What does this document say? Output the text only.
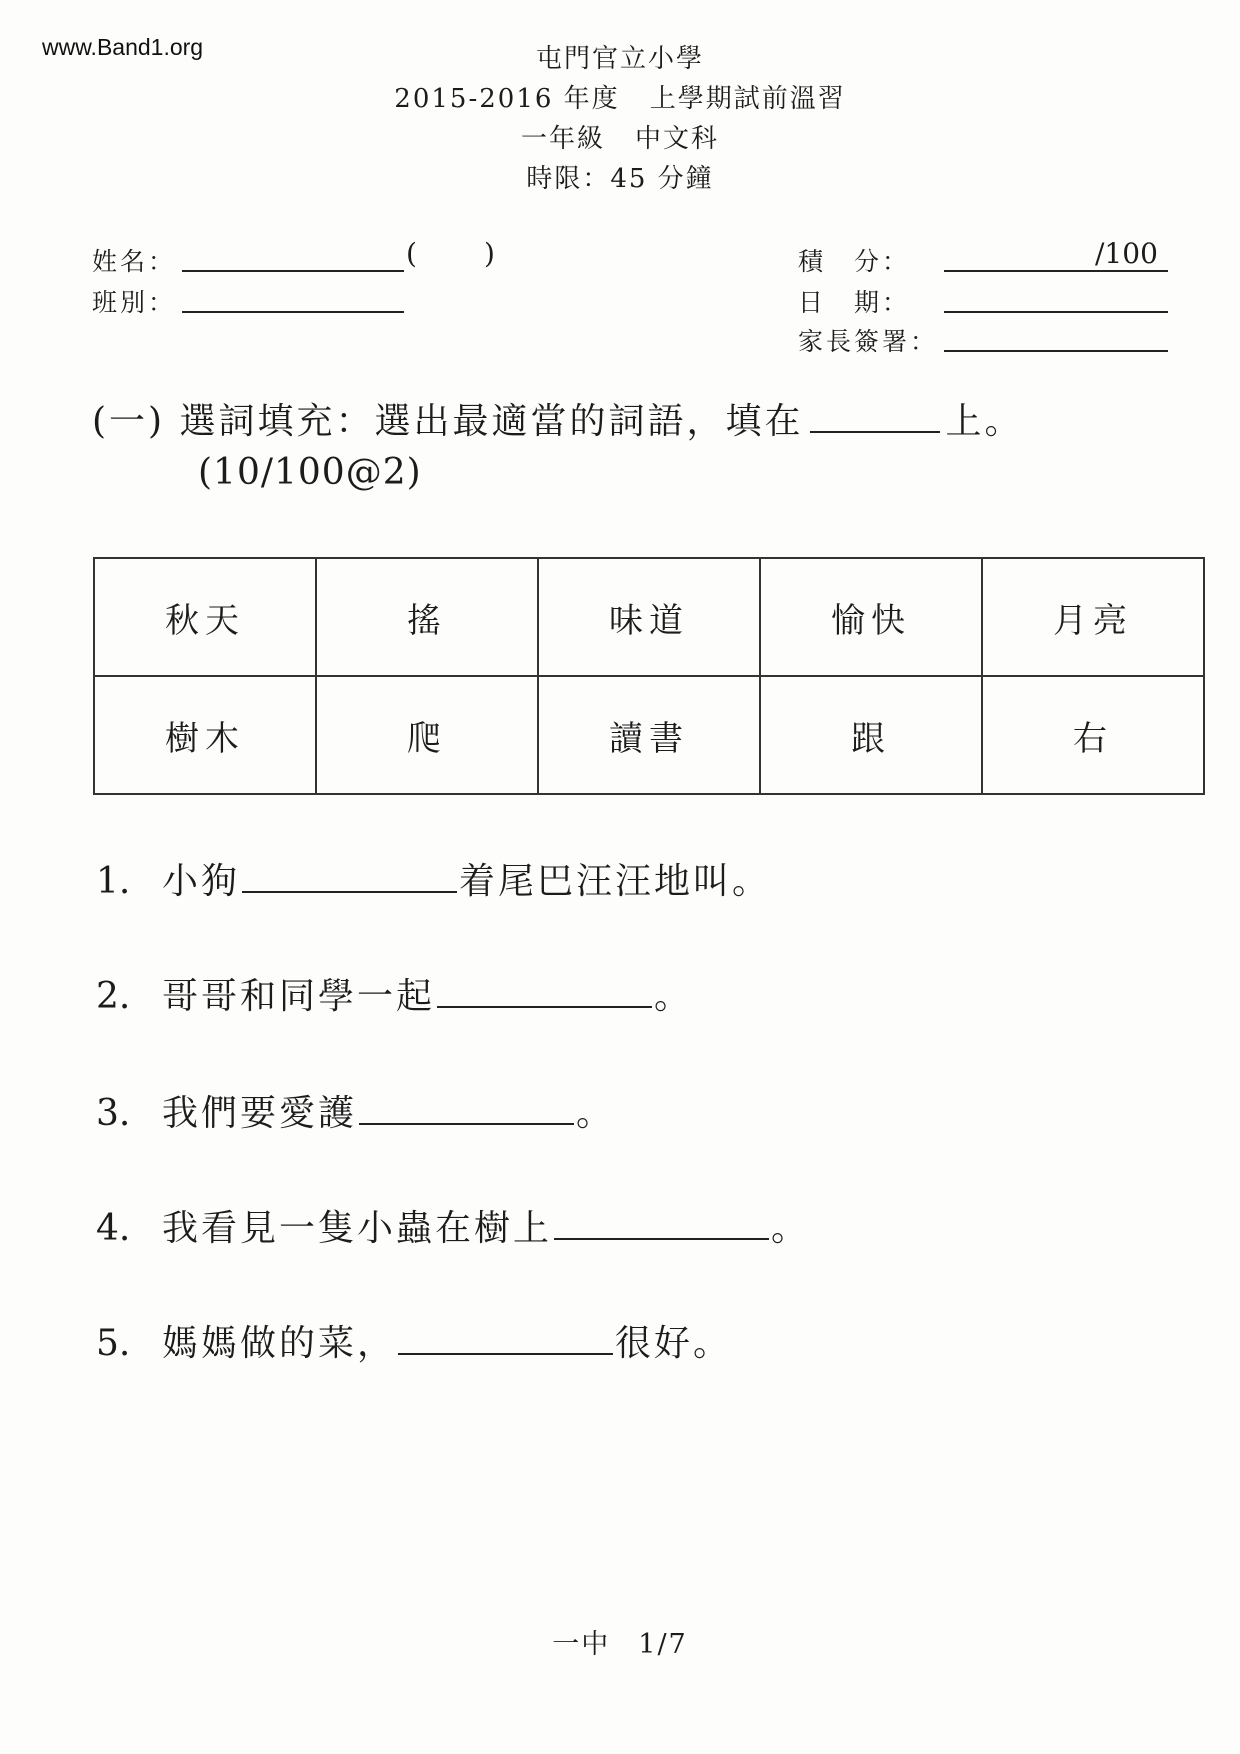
www.Band1.org	屯門官立小學
2015-2016 年度 上學期試前溫習
一年級 中文科
時限：45 分鐘
姓名：	( )
班別：
積　分：	/100
日　期：
家長簽署：
(一) 選詞填充：選出最適當的詞語，填在	上。
(10/100@2)
秋天	搖	味道	愉快	月亮
樹木	爬	讀書	跟	右
1. 小狗	着尾巴汪汪地叫。
2. 哥哥和同學一起	。
3. 我們要愛護	。
4. 我看見一隻小蟲在樹上	。
5. 媽媽做的菜，	很好。
一中 1/7
